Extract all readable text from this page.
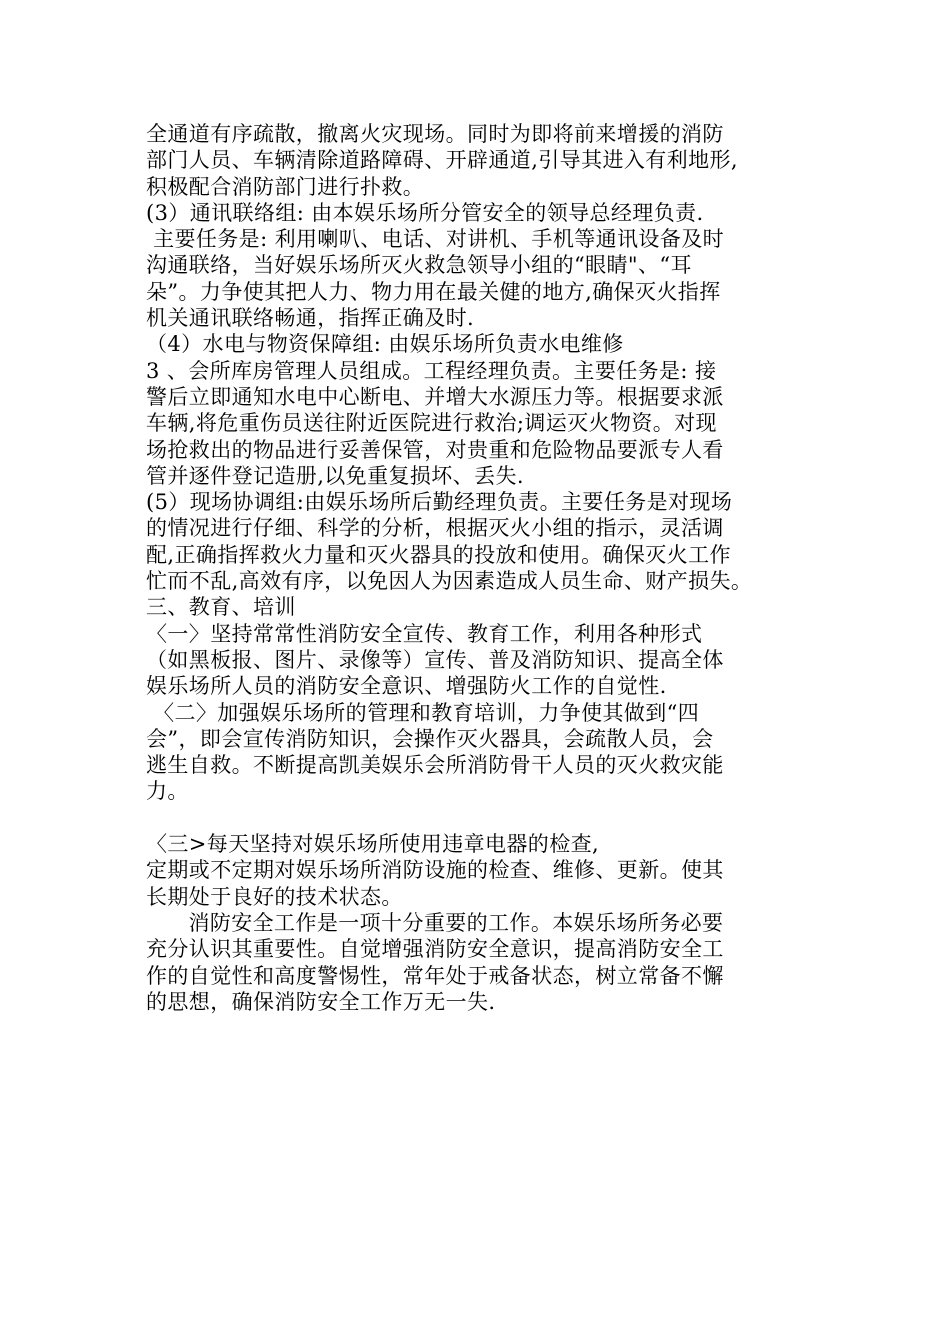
全通道有序疏散，撤离火灾现场。同时为即将前来增援的消防
部门人员、车辆清除道路障碍、开辟通道,引导其进入有利地形,
积极配合消防部门进行扑救。
(3）通讯联络组: 由本娱乐场所分管安全的领导总经理负责.
主要任务是: 利用喇叭、电话、对讲机、手机等通讯设备及时
沟通联络，当好娱乐场所灭火救急领导小组的“眼睛"、“耳
朵”。力争使其把人力、物力用在最关健的地方,确保灭火指挥
机关通讯联络畅通，指挥正确及时.
（4）水电与物资保障组: 由娱乐场所负责水电维修
3 、会所库房管理人员组成。工程经理负责。主要任务是: 接
警后立即通知水电中心断电、并增大水源压力等。根据要求派
车辆,将危重伤员送往附近医院进行救治;调运灭火物资。对现
场抢救出的物品进行妥善保管，对贵重和危险物品要派专人看
管并逐件登记造册,以免重复损坏、丢失.
(5）现场协调组:由娱乐场所后勤经理负责。主要任务是对现场
的情况进行仔细、科学的分析，根据灭火小组的指示，灵活调
配,正确指挥救火力量和灭火器具的投放和使用。确保灭火工作
忙而不乱,高效有序，以免因人为因素造成人员生命、财产损失。
三、教育、培训
〈一〉坚持常常性消防安全宣传、教育工作，利用各种形式
（如黑板报、图片、录像等）宣传、普及消防知识、提高全体
娱乐场所人员的消防安全意识、增强防火工作的自觉性.
〈二〉加强娱乐场所的管理和教育培训，力争使其做到“四
会”，即会宣传消防知识，会操作灭火器具，会疏散人员，会
逃生自救。不断提高凯美娱乐会所消防骨干人员的灭火救灾能
力。
〈三>每天坚持对娱乐场所使用违章电器的检查,
定期或不定期对娱乐场所消防设施的检查、维修、更新。使其
长期处于良好的技术状态。
消防安全工作是一项十分重要的工作。本娱乐场所务必要
充分认识其重要性。自觉增强消防安全意识，提高消防安全工
作的自觉性和高度警惕性，常年处于戒备状态，树立常备不懈
的思想，确保消防安全工作万无一失.
